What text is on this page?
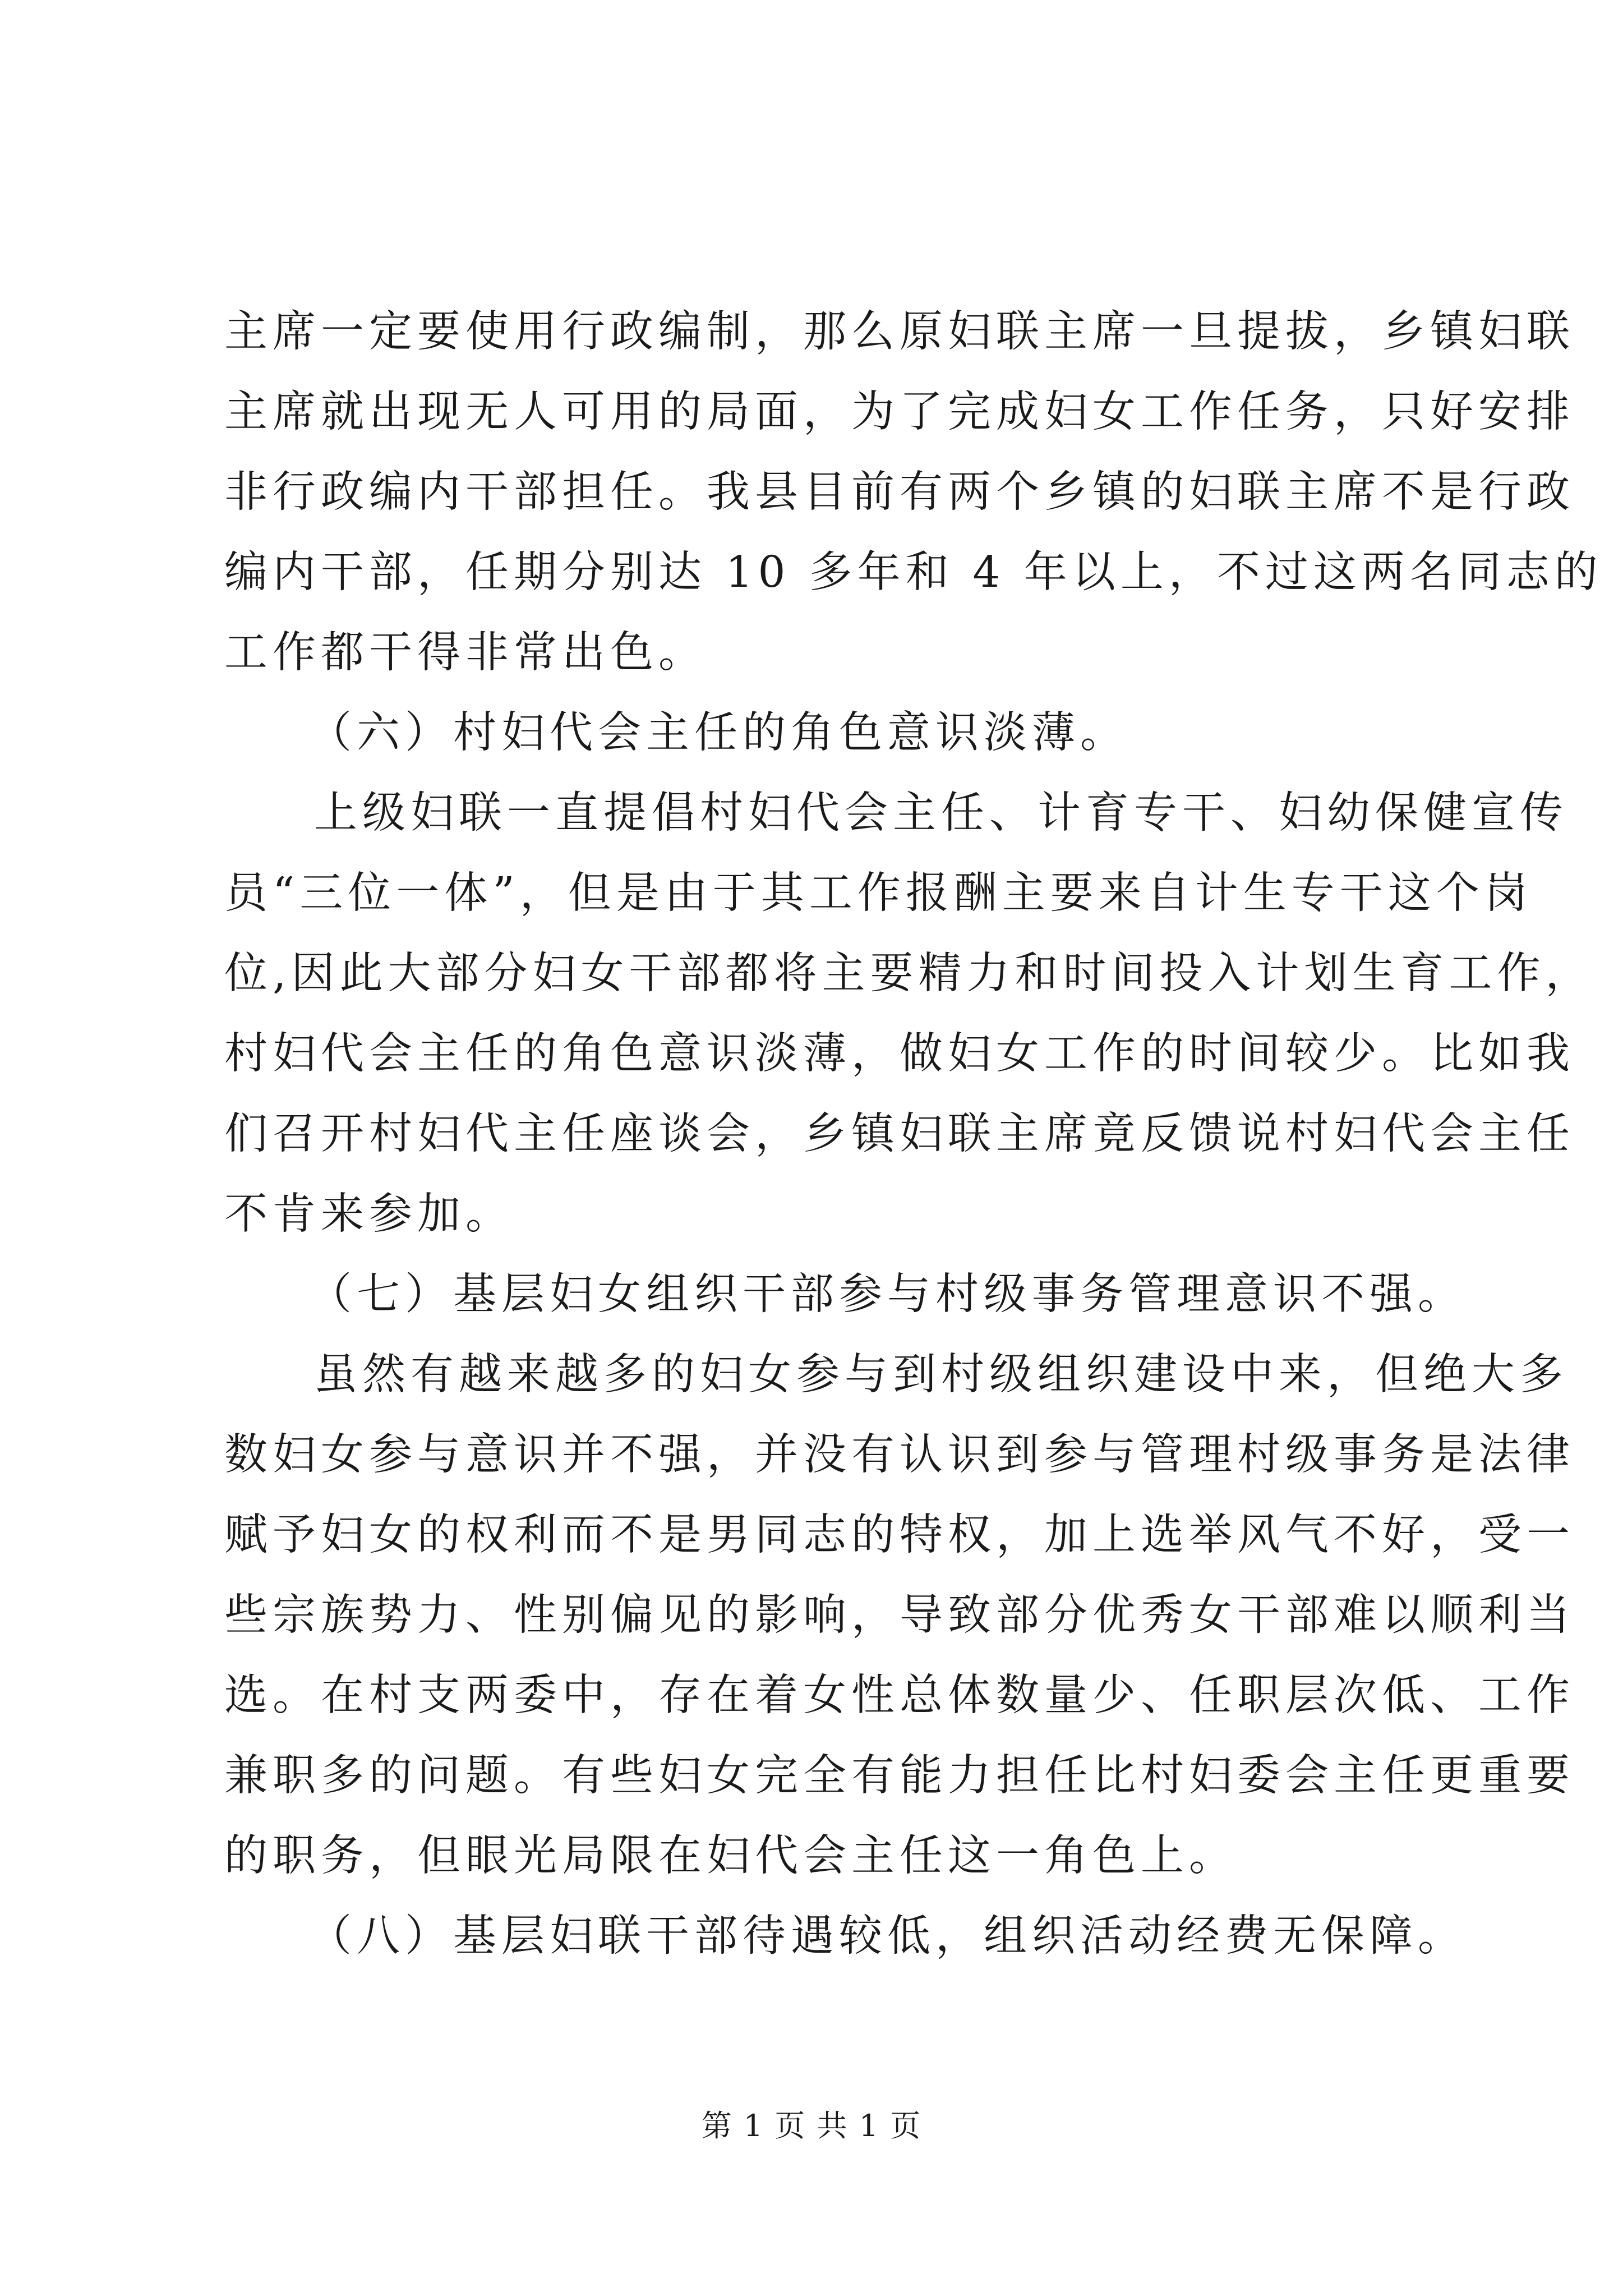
主席一定要使用行政编制，那么原妇联主席一旦提拔，乡镇妇联
主席就出现无人可用的局面，为了完成妇女工作任务，只好安排
非行政编内干部担任。我县目前有两个乡镇的妇联主席不是行政
编内干部，任期分别达 10 多年和 4 年以上，不过这两名同志的
工作都干得非常出色。
（六）村妇代会主任的角色意识淡薄。
上级妇联一直提倡村妇代会主任、计育专干、妇幼保健宣传
员“三位一体”，但是由于其工作报酬主要来自计生专干这个岗
位,因此大部分妇女干部都将主要精力和时间投入计划生育工作，
村妇代会主任的角色意识淡薄，做妇女工作的时间较少。比如我
们召开村妇代主任座谈会，乡镇妇联主席竟反馈说村妇代会主任
不肯来参加。
（七）基层妇女组织干部参与村级事务管理意识不强。
虽然有越来越多的妇女参与到村级组织建设中来，但绝大多
数妇女参与意识并不强，并没有认识到参与管理村级事务是法律
赋予妇女的权利而不是男同志的特权，加上选举风气不好，受一
些宗族势力、性别偏见的影响，导致部分优秀女干部难以顺利当
选。在村支两委中，存在着女性总体数量少、任职层次低、工作
兼职多的问题。有些妇女完全有能力担任比村妇委会主任更重要
的职务，但眼光局限在妇代会主任这一角色上。
（八）基层妇联干部待遇较低，组织活动经费无保障。
第 1 页 共 1 页
